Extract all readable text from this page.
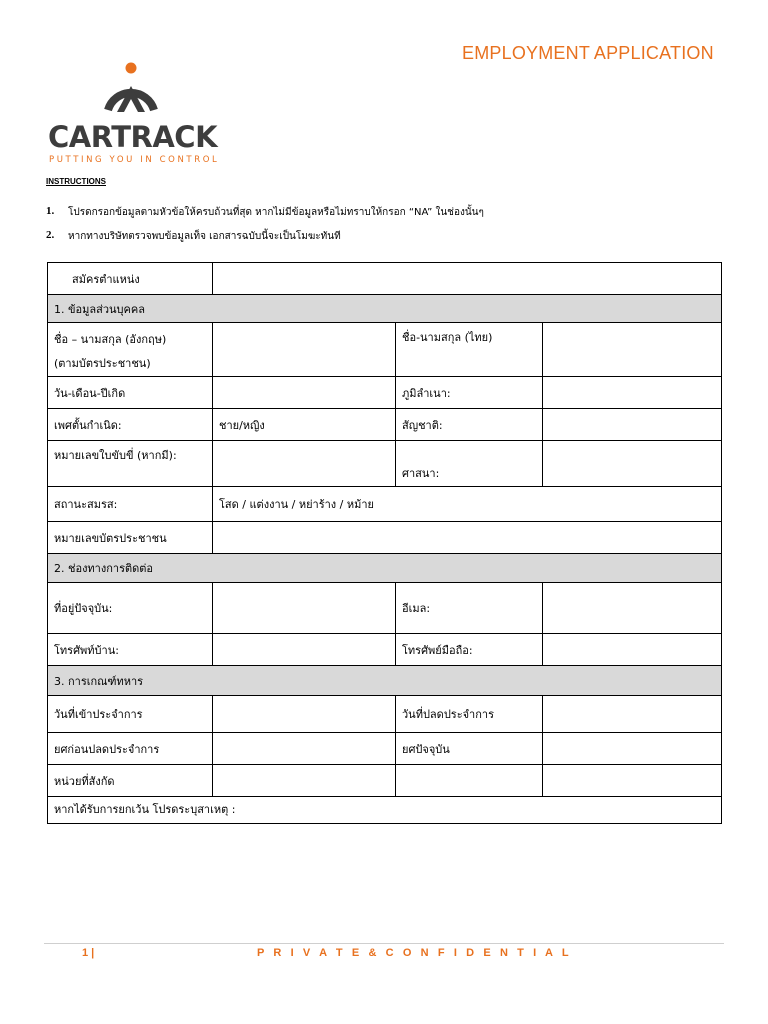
EMPLOYMENT APPLICATION
CARTRACK
PUTTING YOU IN CONTROL
INSTRUCTIONS
1. โปรดกรอกข้อมูลตามหัวข้อให้ครบถ้วนที่สุด หากไม่มีข้อมูลหรือไม่ทราบให้กรอก “NA” ในช่องนั้นๆ
2. หากทางบริษัทตรวจพบข้อมูลเท็จ เอกสารฉบับนี้จะเป็นโมฆะทันที
สมัครตำแหน่ง			
1. ข้อมูลส่วนบุคคล			

ชื่อ – นามสกุล (อังกฤษ)
(ตามบัตรประชาชน)		ชื่อ-นามสกุล (ไทย)	
วัน-เดือน-ปีเกิด		ภูมิลำเนา:	
เพศตั้นกำเนิด:	ชาย/หญิง	สัญชาติ:	
หมายเลขใบขับขี่ (หากมี):		ศาสนา:	
สถานะสมรส:	โสด / แต่งงาน / หย่าร้าง / หม้าย		
หมายเลขบัตรประชาชน			
2. ช่องทางการติดต่อ			
ที่อยู่ปัจจุบัน:		อีเมล:	
โทรศัพท์บ้าน:		โทรศัพย์มือถือ:	
3. การเกณฑ์ทหาร			
วันที่เข้าประจำการ		วันที่ปลดประจำการ	
ยศก่อนปลดประจำการ		ยศปัจจุบัน	
หน่วยที่สังกัด			
หากได้รับการยกเว้น โปรดระบุสาเหตุ :			
1 |	P R I V A T E & C O N F I D E N T I A L
